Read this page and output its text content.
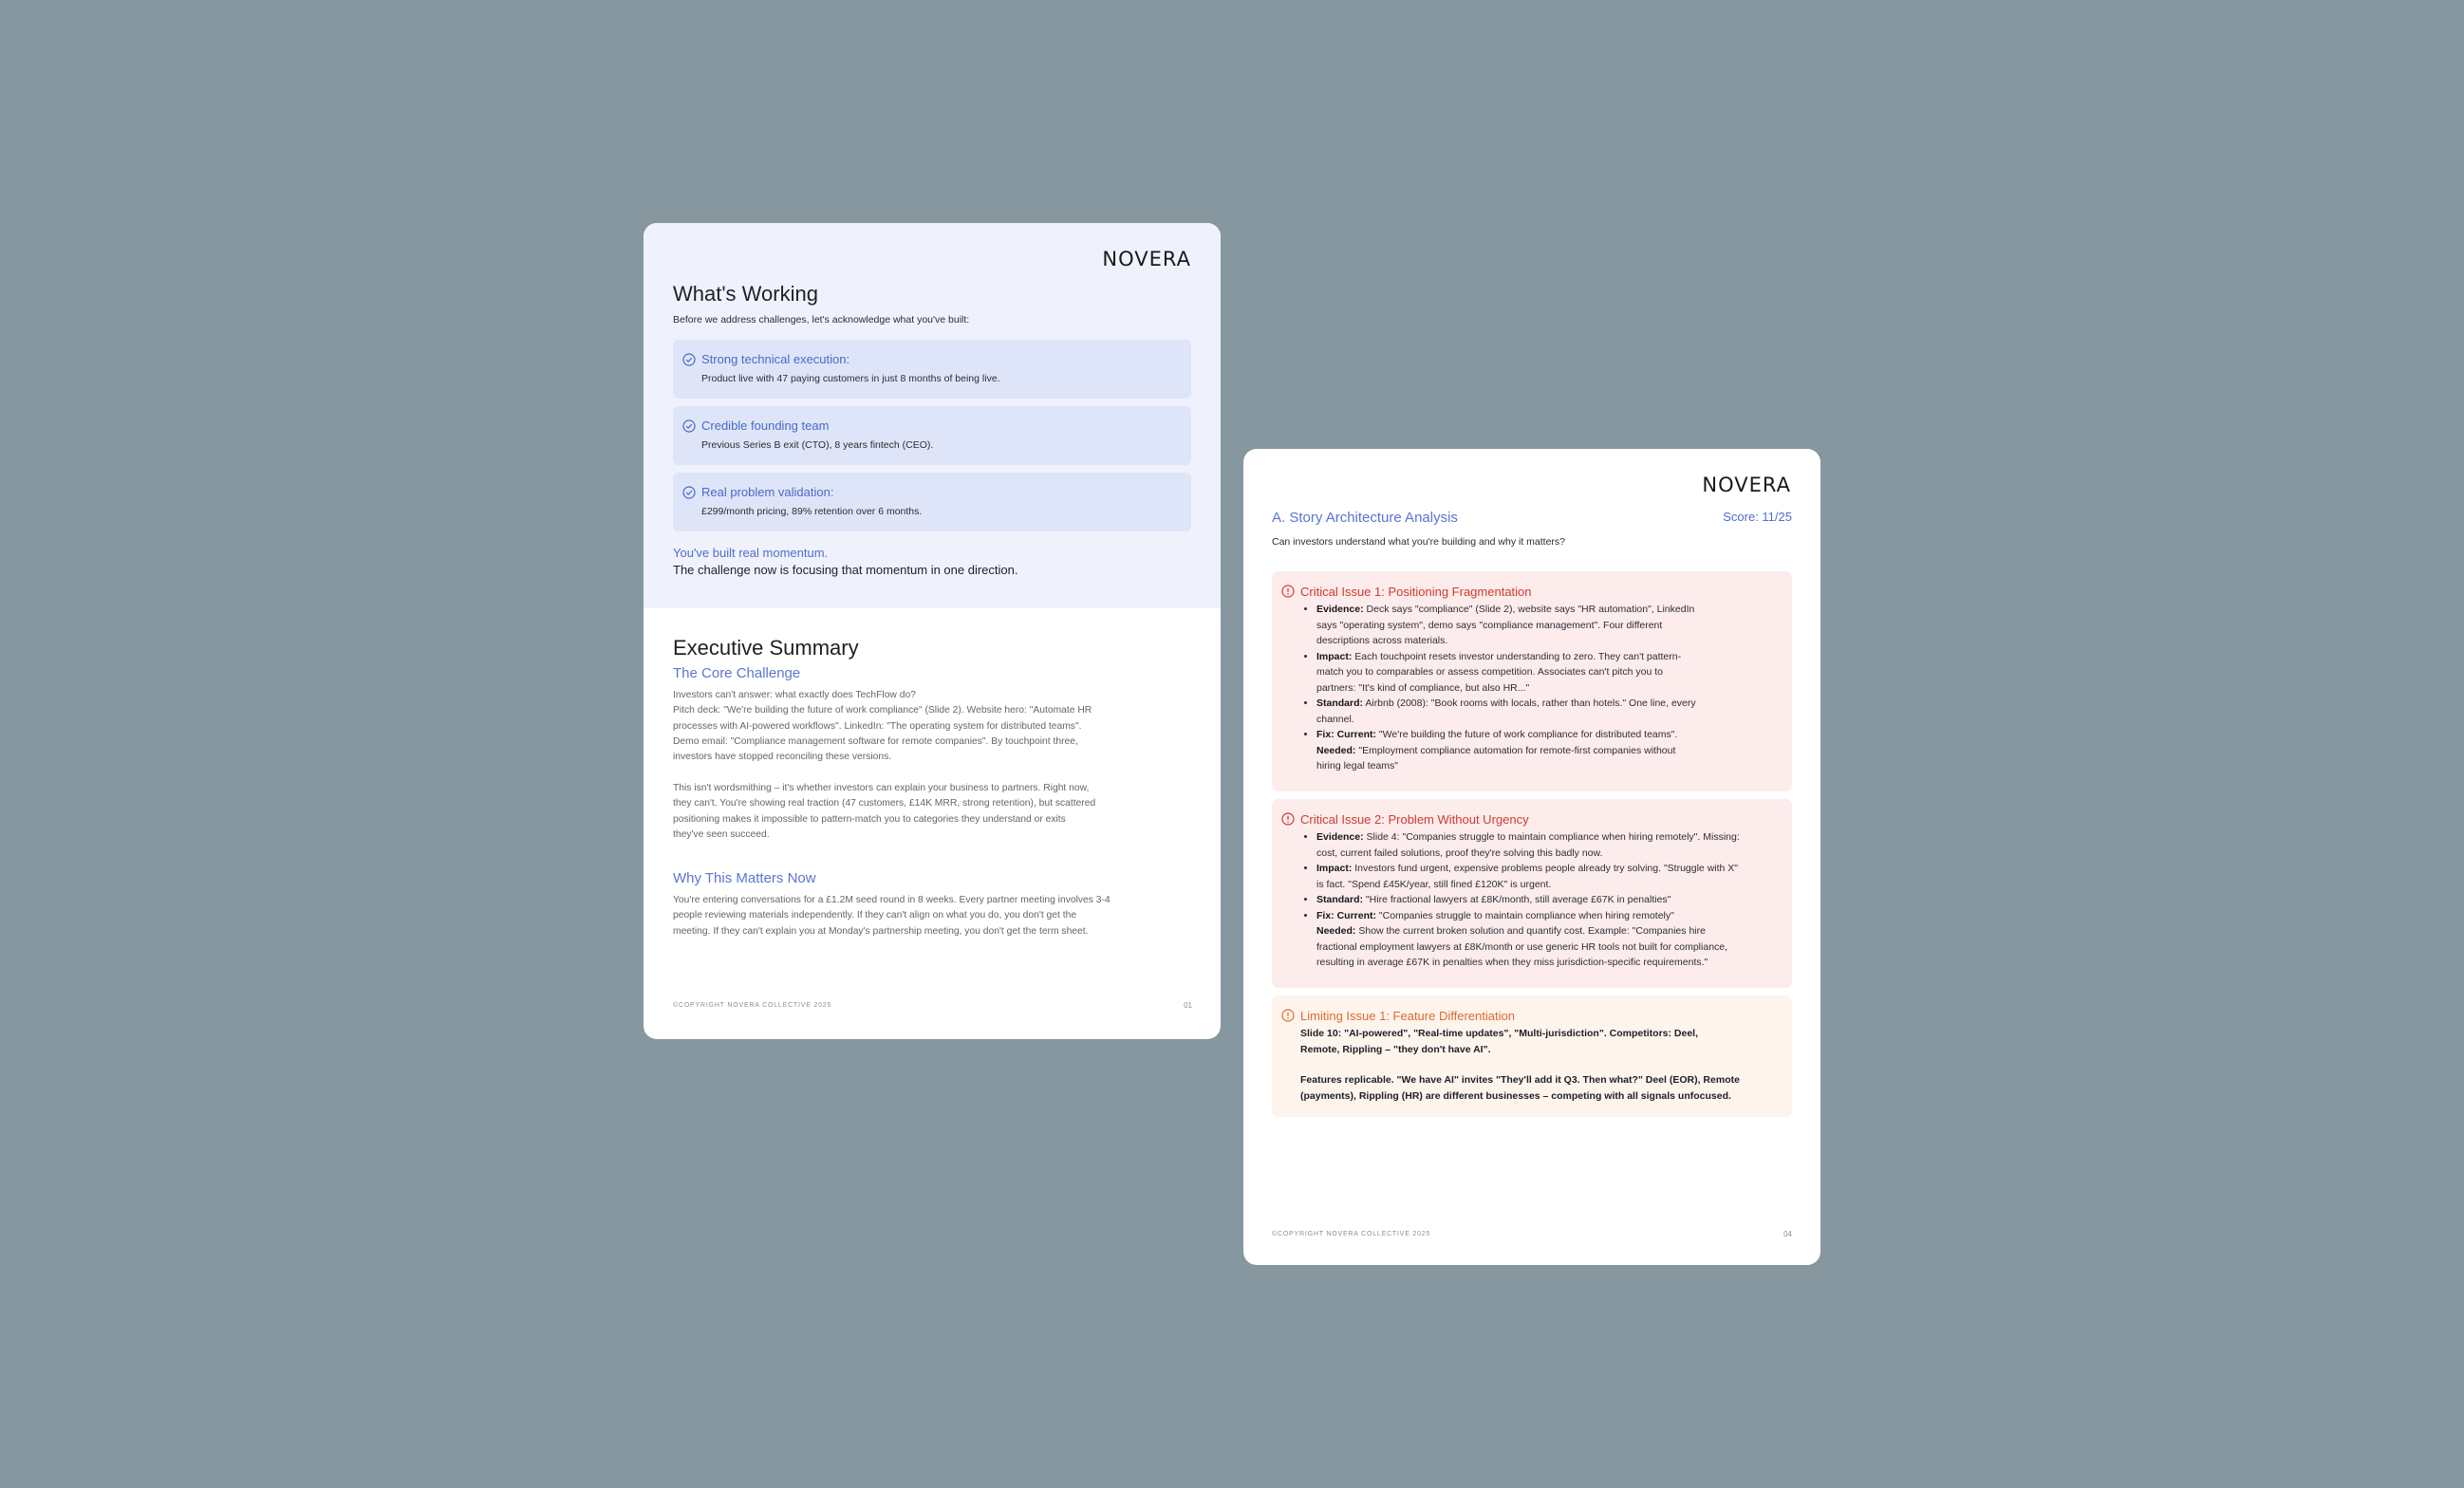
NOVERA
What's Working
Before we address challenges, let's acknowledge what you've built:
Strong technical execution:
Product live with 47 paying customers in just 8 months of being live.
Credible founding team
Previous Series B exit (CTO), 8 years fintech (CEO).
Real problem validation:
£299/month pricing, 89% retention over 6 months.
You've built real momentum.
The challenge now is focusing that momentum in one direction.
Executive Summary
The Core Challenge
Investors can't answer: what exactly does TechFlow do?
Pitch deck: "We're building the future of work compliance" (Slide 2). Website hero: "Automate HR
processes with AI-powered workflows". LinkedIn: "The operating system for distributed teams".
Demo email: "Compliance management software for remote companies". By touchpoint three,
investors have stopped reconciling these versions.
This isn't wordsmithing – it's whether investors can explain your business to partners. Right now,
they can't. You're showing real traction (47 customers, £14K MRR, strong retention), but scattered
positioning makes it impossible to pattern-match you to categories they understand or exits
they've seen succeed.
Why This Matters Now
You're entering conversations for a £1.2M seed round in 8 weeks. Every partner meeting involves 3-4
people reviewing materials independently. If they can't align on what you do, you don't get the
meeting. If they can't explain you at Monday's partnership meeting, you don't get the term sheet.
©COPYRIGHT NOVERA COLLECTIVE 2025	01
NOVERA
A. Story Architecture Analysis	Score: 11/25
Can investors understand what you're building and why it matters?
Critical Issue 1: Positioning Fragmentation
• Evidence: Deck says "compliance" (Slide 2), website says "HR automation", LinkedIn
says "operating system", demo says "compliance management". Four different
descriptions across materials.
• Impact: Each touchpoint resets investor understanding to zero. They can't pattern-
match you to comparables or assess competition. Associates can't pitch you to
partners: "It's kind of compliance, but also HR..."
• Standard: Airbnb (2008): "Book rooms with locals, rather than hotels." One line, every
channel.
• Fix: Current: "We're building the future of work compliance for distributed teams".
Needed: "Employment compliance automation for remote-first companies without
hiring legal teams"
Critical Issue 2: Problem Without Urgency
• Evidence: Slide 4: "Companies struggle to maintain compliance when hiring remotely". Missing:
cost, current failed solutions, proof they're solving this badly now.
• Impact: Investors fund urgent, expensive problems people already try solving. "Struggle with X"
is fact. "Spend £45K/year, still fined £120K" is urgent.
• Standard: "Hire fractional lawyers at £8K/month, still average £67K in penalties"
• Fix: Current: "Companies struggle to maintain compliance when hiring remotely"
Needed: Show the current broken solution and quantify cost. Example: "Companies hire
fractional employment lawyers at £8K/month or use generic HR tools not built for compliance,
resulting in average £67K in penalties when they miss jurisdiction-specific requirements."
Limiting Issue 1: Feature Differentiation
Slide 10: "AI-powered", "Real-time updates", "Multi-jurisdiction". Competitors: Deel,
Remote, Rippling – "they don't have AI".
Features replicable. "We have AI" invites "They'll add it Q3. Then what?" Deel (EOR), Remote
(payments), Rippling (HR) are different businesses – competing with all signals unfocused.
©COPYRIGHT NOVERA COLLECTIVE 2025	04
